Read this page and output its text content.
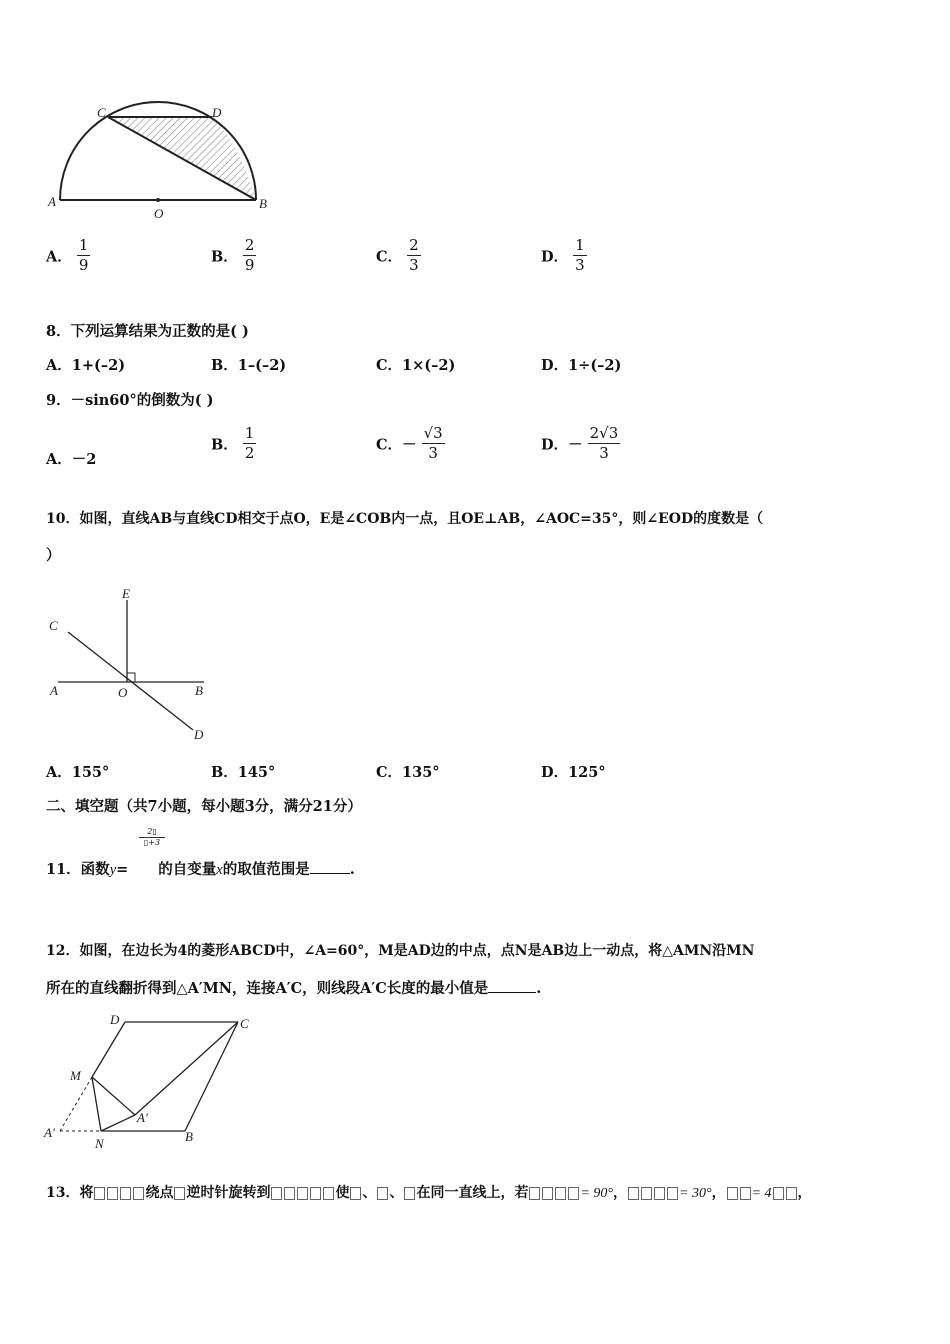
A	B
C	D
O
A． $\frac{1}{9}$	B． $\frac{2}{9}$	C． $\frac{2}{3}$	D． $\frac{1}{3}$
8．下列运算结果为正数的是( )
A．1+(–2)	B．1–(–2)	C．1×(–2)	D．1÷(–2)
9．－sin60°的倒数为( )
A．－2
B． $\frac{1}{2}$	C．－ $\frac{√3}{3}$	D．－ $\frac{2√3}{3}$
10．如图，直线AB与直线CD相交于点O，E是∠COB内一点，且OE⊥AB，∠AOC=35°，则∠EOD的度数是（
）
A	B
C
D
E
O
A．155°	B．145°	C．135°	D．125°
二、填空题（共7小题，每小题3分，满分21分）
2▯
▯+3
11．函数y= 的自变量x的取值范围是	.
12．如图，在边长为4的菱形ABCD中，∠A=60°，M是AD边的中点，点N是AB边上一动点，将△AMN沿MN
所在的直线翻折得到△A′MN，连接A′C，则线段A′C长度的最小值是	.
D	C
M
A′
A′
N	B
13．将	绕点 逆时针旋转到	使 、 、 在同一直线上，若	= 90°，	= 30°， = 4 ，
